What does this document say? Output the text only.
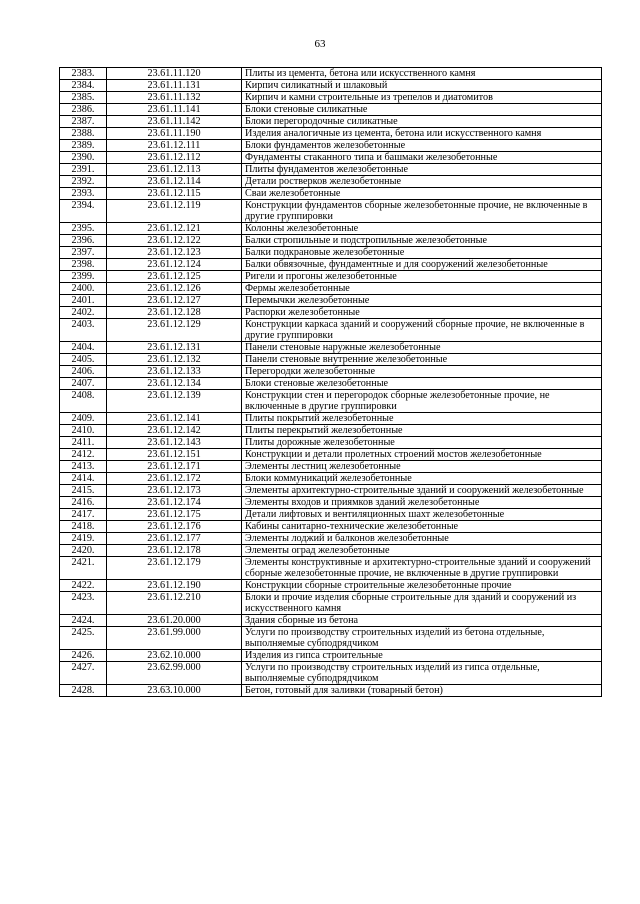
63
2383.	23.61.11.120	Плиты из цемента, бетона или искусственного камня
2384.	23.61.11.131	Кирпич силикатный и шлаковый
2385.	23.61.11.132	Кирпич и камни строительные из трепелов и диатомитов
2386.	23.61.11.141	Блоки стеновые силикатные
2387.	23.61.11.142	Блоки перегородочные силикатные
2388.	23.61.11.190	Изделия аналогичные из цемента, бетона или искусственного камня
2389.	23.61.12.111	Блоки фундаментов железобетонные
2390.	23.61.12.112	Фундаменты стаканного типа и башмаки железобетонные
2391.	23.61.12.113	Плиты фундаментов железобетонные
2392.	23.61.12.114	Детали ростверков железобетонные
2393.	23.61.12.115	Сваи железобетонные
2394.	23.61.12.119	Конструкции фундаментов сборные железобетонные прочие, не включенные в другие группировки
2395.	23.61.12.121	Колонны железобетонные
2396.	23.61.12.122	Балки стропильные и подстропильные железобетонные
2397.	23.61.12.123	Балки подкрановые железобетонные
2398.	23.61.12.124	Балки обвязочные, фундаментные и для сооружений железобетонные
2399.	23.61.12.125	Ригели и прогоны железобетонные
2400.	23.61.12.126	Фермы железобетонные
2401.	23.61.12.127	Перемычки железобетонные
2402.	23.61.12.128	Распорки железобетонные
2403.	23.61.12.129	Конструкции каркаса зданий и сооружений сборные прочие, не включенные в другие группировки
2404.	23.61.12.131	Панели стеновые наружные железобетонные
2405.	23.61.12.132	Панели стеновые внутренние железобетонные
2406.	23.61.12.133	Перегородки железобетонные
2407.	23.61.12.134	Блоки стеновые железобетонные
2408.	23.61.12.139	Конструкции стен и перегородок сборные железобетонные прочие, не включенные в другие группировки
2409.	23.61.12.141	Плиты покрытий железобетонные
2410.	23.61.12.142	Плиты перекрытий железобетонные
2411.	23.61.12.143	Плиты дорожные железобетонные
2412.	23.61.12.151	Конструкции и детали пролетных строений мостов железобетонные
2413.	23.61.12.171	Элементы лестниц железобетонные
2414.	23.61.12.172	Блоки коммуникаций железобетонные
2415.	23.61.12.173	Элементы архитектурно-строительные зданий и сооружений железобетонные
2416.	23.61.12.174	Элементы входов и приямков зданий железобетонные
2417.	23.61.12.175	Детали лифтовых и вентиляционных шахт железобетонные
2418.	23.61.12.176	Кабины санитарно-технические железобетонные
2419.	23.61.12.177	Элементы лоджий и балконов железобетонные
2420.	23.61.12.178	Элементы оград железобетонные
2421.	23.61.12.179	Элементы конструктивные и архитектурно-строительные зданий и сооружений сборные железобетонные прочие, не включенные в другие группировки
2422.	23.61.12.190	Конструкции сборные строительные железобетонные прочие
2423.	23.61.12.210	Блоки и прочие изделия сборные строительные для зданий и сооружений из искусственного камня
2424.	23.61.20.000	Здания сборные из бетона
2425.	23.61.99.000	Услуги по производству строительных изделий из бетона отдельные, выполняемые субподрядчиком
2426.	23.62.10.000	Изделия из гипса строительные
2427.	23.62.99.000	Услуги по производству строительных изделий из гипса отдельные, выполняемые субподрядчиком
2428.	23.63.10.000	Бетон, готовый для заливки (товарный бетон)
